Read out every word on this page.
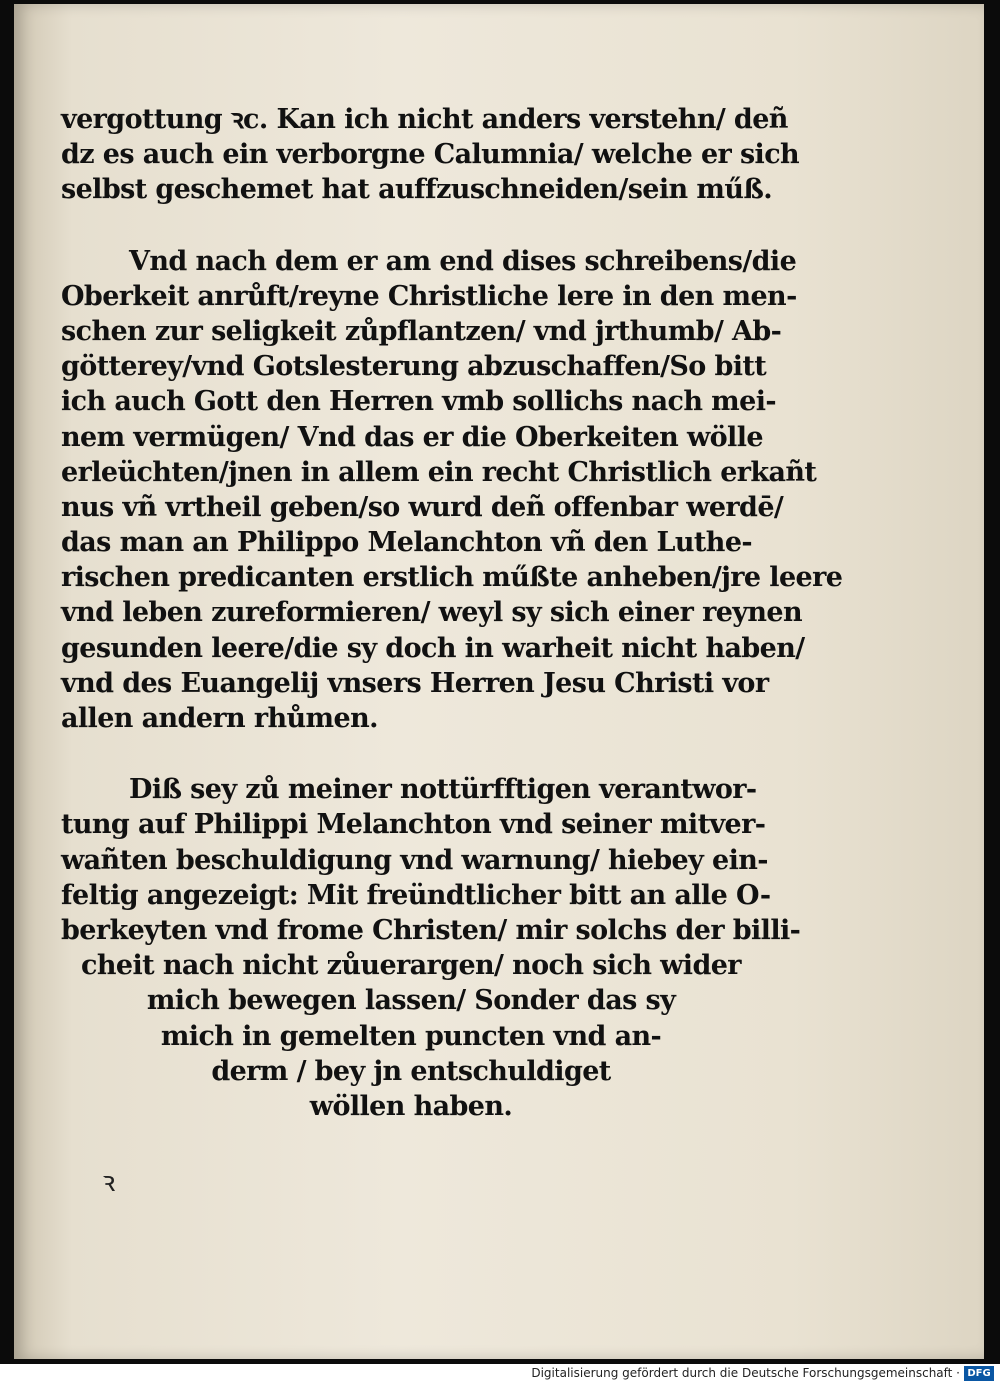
vergottung ꝛc. Kan ich nicht anders verstehn/ deñ
dz es auch ein verborgne Calumnia/ welche er sich
selbst geschemet hat auffzuschneiden/sein műß.
Vnd nach dem er am end dises schreibens/die
Oberkeit anrůft/reyne Christliche lere in den men-
schen zur seligkeit zůpflantzen/ vnd jrthumb/ Ab-
götterey/vnd Gotslesterung abzuschaffen/So bitt
ich auch Gott den Herren vmb sollichs nach mei-
nem vermügen/ Vnd das er die Oberkeiten wölle
erleüchten/jnen in allem ein recht Christlich erkañt
nus vñ vrtheil geben/so wurd deñ offenbar werdē/
das man an Philippo Melanchton vñ den Luthe-
rischen predicanten erstlich műßte anheben/jre leere
vnd leben zureformieren/ weyl sy sich einer reynen
gesunden leere/die sy doch in warheit nicht haben/
vnd des Euangelij vnsers Herren Jesu Christi vor
allen andern rhůmen.
Diß sey zů meiner nottürfftigen verantwor-
tung auf Philippi Melanchton vnd seiner mitver-
wañten beschuldigung vnd warnung/ hiebey ein-
feltig angezeigt: Mit freündtlicher bitt an alle O-
berkeyten vnd frome Christen/ mir solchs der billi-
cheit nach nicht zůuerargen/ noch sich wider
mich bewegen lassen/ Sonder das sy
mich in gemelten puncten vnd an-
derm / bey jn entschuldiget
wöllen haben.
ꝛ
Digitalisierung gefördert durch die Deutsche Forschungsgemeinschaft · DFG
